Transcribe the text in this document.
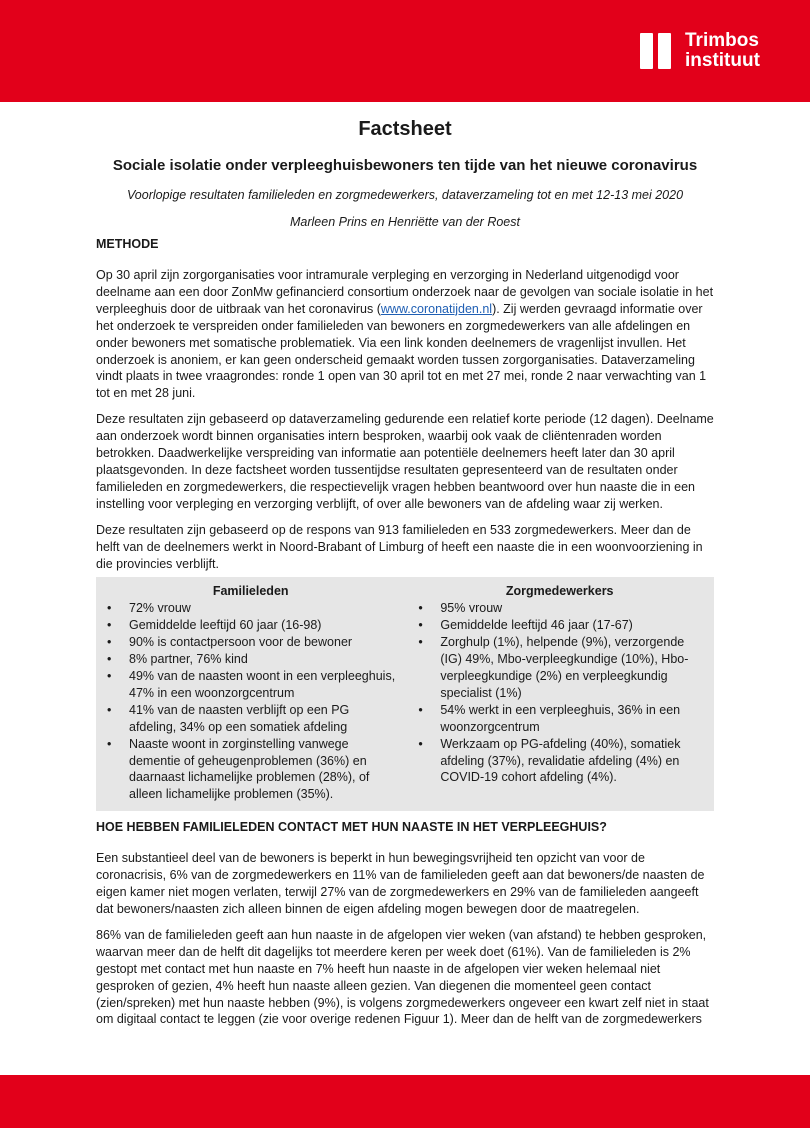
Trimbos
instituut
Factsheet
Sociale isolatie onder verpleeghuisbewoners ten tijde van het nieuwe coronavirus
Voorlopige resultaten familieleden en zorgmedewerkers, dataverzameling tot en met 12-13 mei 2020
Marleen Prins en Henriëtte van der Roest
METHODE

Op 30 april zijn zorgorganisaties voor intramurale verpleging en verzorging in Nederland uitgenodigd voor deelname aan een door ZonMw gefinancierd consortium onderzoek naar de gevolgen van sociale isolatie in het verpleeghuis door de uitbraak van het coronavirus (www.coronatijden.nl). Zij werden gevraagd informatie over het onderzoek te verspreiden onder familieleden van bewoners en zorgmedewerkers van alle afdelingen en onder bewoners met somatische problematiek. Via een link konden deelnemers de vragenlijst invullen. Het onderzoek is anoniem, er kan geen onderscheid gemaakt worden tussen zorgorganisaties. Dataverzameling vindt plaats in twee vraagrondes: ronde 1 open van 30 april tot en met 27 mei, ronde 2 naar verwachting van 1 tot en met 28 juni.

Deze resultaten zijn gebaseerd op dataverzameling gedurende een relatief korte periode (12 dagen). Deelname aan onderzoek wordt binnen organisaties intern besproken, waarbij ook vaak de cliëntenraden worden betrokken. Daadwerkelijke verspreiding van informatie aan potentiële deelnemers heeft later dan 30 april plaatsgevonden. In deze factsheet worden tussentijdse resultaten gepresenteerd van de resultaten onder familieleden en zorgmedewerkers, die respectievelijk vragen hebben beantwoord over hun naaste die in een instelling voor verpleging en verzorging verblijft, of over alle bewoners van de afdeling waar zij werken.

Deze resultaten zijn gebaseerd op de respons van 913 familieleden en 533 zorgmedewerkers. Meer dan de helft van de deelnemers werkt in Noord-Brabant of Limburg of heeft een naaste die in een woonvoorziening in die provincies verblijft.

Familieleden
• 72% vrouw
• Gemiddelde leeftijd 60 jaar (16-98)
• 90% is contactpersoon voor de bewoner
• 8% partner, 76% kind
• 49% van de naasten woont in een verpleeghuis, 47% in een woonzorgcentrum
• 41% van de naasten verblijft op een PG afdeling, 34% op een somatiek afdeling
• Naaste woont in zorginstelling vanwege dementie of geheugenproblemen (36%) en daarnaast lichamelijke problemen (28%), of alleen lichamelijke problemen (35%).
Zorgmedewerkers
• 95% vrouw
• Gemiddelde leeftijd 46 jaar (17-67)
• Zorghulp (1%), helpende (9%), verzorgende (IG) 49%, Mbo-verpleegkundige (10%), Hbo-verpleegkundige (2%) en verpleegkundig specialist (1%)
• 54% werkt in een verpleeghuis, 36% in een woonzorgcentrum
• Werkzaam op PG-afdeling (40%), somatiek afdeling (37%), revalidatie afdeling (4%) en COVID-19 cohort afdeling (4%).
HOE HEBBEN FAMILIELEDEN CONTACT MET HUN NAASTE IN HET VERPLEEGHUIS?

Een substantieel deel van de bewoners is beperkt in hun bewegingsvrijheid ten opzicht van voor de coronacrisis, 6% van de zorgmedewerkers en 11% van de familieleden geeft aan dat bewoners/de naasten de eigen kamer niet mogen verlaten, terwijl 27% van de zorgmedewerkers en 29% van de familieleden aangeeft dat bewoners/naasten zich alleen binnen de eigen afdeling mogen bewegen door de maatregelen.

86% van de familieleden geeft aan hun naaste in de afgelopen vier weken (van afstand) te hebben gesproken, waarvan meer dan de helft dit dagelijks tot meerdere keren per week doet (61%). Van de familieleden is 2% gestopt met contact met hun naaste en 7% heeft hun naaste in de afgelopen vier weken helemaal niet gesproken of gezien, 4% heeft hun naaste alleen gezien. Van diegenen die momenteel geen contact (zien/spreken) met hun naaste hebben (9%), is volgens zorgmedewerkers ongeveer een kwart zelf niet in staat om digitaal contact te leggen (zie voor overige redenen Figuur 1). Meer dan de helft van de zorgmedewerkers
